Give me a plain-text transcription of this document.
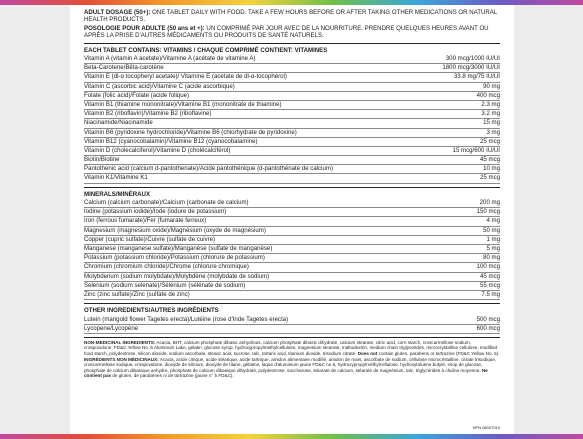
ADULT DOSAGE (50+): ONE TABLET DAILY WITH FOOD. TAKE A FEW HOURS BEFORE OR AFTER TAKING OTHER MEDICATIONS OR NATURAL HEALTH PRODUCTS.

POSOLOGIE POUR ADULTE (50 ans et +): UN COMPRIMÉ PAR JOUR AVEC DE LA NOURRITURE. PRENDRE QUELQUES HEURES AVANT OU APRÈS LA PRISE D'AUTRES MÉDICAMENTS OU PRODUITS DE SANTÉ NATURELS.

EACH TABLET CONTAINS: VITAMINS / CHAQUE COMPRIMÉ CONTIENT: VITAMINES
Vitamin A (vitamin A acetate)/Vitamine A (acétate de vitamine A)	300 mcg/1000 IU/UI
Beta-Carotene/Bêta-carotène	1800 mcg/3000 IU/UI
Vitamin E (dl-α tocopheryl acetate)/ Vitamine E (acétate de dl-α-tocophérol)	33.8 mg/75 IU/UI
Vitamin C (ascorbic acid)/Vitamine C (acide ascorbique)	90 mg
Folate (folic acid)/Folate (acide folique)	400 mcg
Vitamin B1 (thiamine mononitrate)/Vitamine B1 (mononitrate de thiamine)	2.3 mg
Vitamin B2 (riboflavin)/Vitamine B2 (riboflavine)	3.2 mg
Niacinamide/Niacinamide	15 mg
Vitamin B6 (pyridoxine hydrochloride)/Vitamine B6 (chlorhydrate de pyridoxine)	3 mg
Vitamin B12 (cyanocobalamin)/Vitamine B12 (cyanocobalamine)	25 mcg
Vitamin D (cholecalciferol)/Vitamine D (cholécalciférol)	15 mcg/600 IU/UI
Biotin/Biotine	45 mcg
Pantothenic acid (calcium d-pantothenate)/Acide pantothénique (d-pantothénate de calcium)	10 mg
Vitamin K1/Vitamine K1	25 mcg
MINERALS/MINÉRAUX
Calcium (calcium carbonate)/Calcium (carbonate de calcium)	200 mg
Iodine (potassium iodide)/Iode (iodure de potassium)	150 mcg
Iron (ferrous fumarate)/Fer (fumarate ferreux)	4 mg
Magnesium (magnesium oxide)/Magnésium (oxyde de magnésium)	50 mg
Copper (cupric sulfate)/Cuivre (sulfate de cuivre)	1 mg
Manganese (manganese sulfate)/Manganèse (sulfate de manganèse)	5 mg
Potassium (potassium chloride)/Potassium (chlorure de potassium)	80 mg
Chromium (chromium chloride)/Chrome (chlorure chromique)	100 mcg
Molybdenum (sodium molybdate)/Molybdène (molybdate de sodium)	45 mcg
Selenium (sodium selenate)/Sélénium (sélénate de sodium)	55 mcg
Zinc (zinc sulfate)/Zinc (sulfate de zinc)	7.5 mg
OTHER INGREDIENTS/AUTRES INGRÉDIENTS
Lutein (marigold flower Tagetes erecta)/Lutéine (rose d'Inde Tagetes erecta)	500 mcg
Lycopene/Lycopène	600 mcg

NON-MEDICINAL INGREDIENTS: Acacia, BHT, calcium phosphate dibasic anhydrous, calcium phosphate dibasic dihydrate, calcium stearate, citric acid, corn starch, croscarmellose sodium, crospovidone, FD&C Yellow No. 6 Aluminum Lake, gelatin, glucose syrup, hydroxypropylmethylcellulose, magnesium stearate, maltodextrin, medium chain triglycerides, microcrystalline cellulose, modified food starch, polydextrose, silicon dioxide, sodium ascorbate, stearic acid, sucrose, talc, tartaric acid, titanium dioxide, trisodium citrate. Does not contain gluten, parabens or tartrazine (FD&C Yellow No. 5).

INGRÉDIENTS NON MÉDICINAUX: Acacia, acide citrique, acide stéarique, acide tartrique, amidon alimentaire modifié, amidon de maïs, ascorbate de sodium, cellulose microcristalline, citrate trisodique, croscarmellose sodique, crospovidone, dioxyde de silicium, dioxyde de titane, gélatine, laque d'aluminium jaune FD&C no 6, hydroxypropylméthylcellulose, hydroxytoluène butylé, sirop de glucose, phosphate de calcium dibasique anhydre, phosphate de calcium dibasique dihydraté, polydextrose, saccharose, stéarate de calcium, stéarate de magnésium, talc, triglycérides à chaîne moyenne. Ne contient pas de gluten, de parabènes ni de tartrazine (jaune n° 5 FD&C).

NPN 08007019
